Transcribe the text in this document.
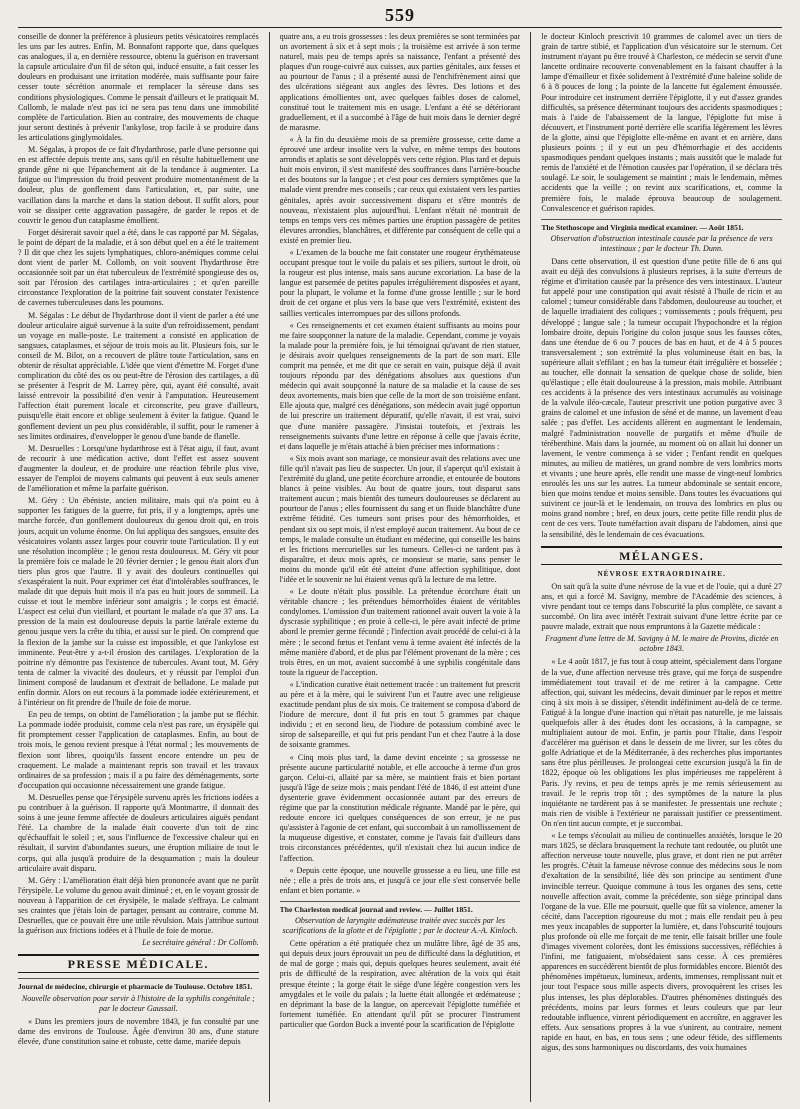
559

conseille de donner la préférence à plusieurs petits vésicatoires remplacés les uns par les autres. Enfin, M. Bonnafont rapporte que, dans quelques cas analogues, il a, en dernière ressource, obtenu la guérison en traversant la capsule articulaire d'un fil de séton qui, inducé ensuite, a fait cesser les douleurs en produisant une irritation modérée, mais suffisante pour faire cesser toute sécrétion anormale et remplacer la séreuse dans ses conditions physiologiques. Comme le pensait d'ailleurs et le pratiquait M. Collomb, le malade n'est pas ici ne sera pas tenu dans une immobilité complète de l'articulation. Bien au contraire, des mouvements de chaque jour seront destinés à prévenir l'ankylose, trop facile à se produire dans les articulations ginglymoïdales.

M. Ségalas, à propos de ce fait d'hydarthrose, parle d'une personne qui en est affectée depuis trente ans, sans qu'il en résulte habituellement une grande gêne ni que l'épanchement ait de la tendance à augmenter. La fatigue ou l'impression du froid peuvent produire momentanément de la douleur, plus de gonflement dans l'articulation, et, par suite, une vacillation dans la marche et dans la station debout. Il suffit alors, pour voir se dissiper cette aggravation passagère, de garder le repos et de couvrir le genou d'un cataplasme émollient.

Forget désirerait savoir quel a été, dans le cas rapporté par M. Ségalas, le point de départ de la maladie, et à son début quel en a été le traitement ? Il dit que chez les sujets lymphatiques, chloro-anémiques comme celui dont vient de parler M. Collomb, on voit souvent l'hydarthrose être occasionnée soit par un état tuberculeux de l'extrémité spongieuse des os, soit par l'érosion des cartilages intra-articulaires ; et qu'en pareille circonstance l'exploration de la poitrine fait souvent constater l'existence de cavernes tuberculeuses dans les poumons.

M. Ségalas : Le début de l'hydarthrose dont il vient de parler a été une douleur articulaire aiguë survenue à la suite d'un refroidissement, pendant un voyage en malle-poste. Le traitement a consisté en application de sangsues, cataplasmes, et séjour de trois mois au lit. Plusieurs fois, sur le conseil de M. Bilot, on a recouvert de plâtre toute l'articulation, sans en obtenir de résultat appréciable. L'idée que vient d'émettre M. Forget d'une complication du côté des os ou peut-être de l'érosion des cartilages, a dû se présenter à l'esprit de M. Larrey père, qui, ayant été consulté, avait laissé entrevoir la possibilité d'en venir à l'amputation. Heureusement l'affection était purement locale et circonscrite, peu grave d'ailleurs, puisqu'elle était encore et oblige seulement à éviter la fatigue. Quand le gonflement devient un peu plus considérable, il suffit, pour le ramener à ses limites ordinaires, d'envelopper le genou d'une bande de flanelle.

M. Desruelles : Lorsqu'une hydarthrose est à l'état aigu, il faut, avant de recourir à une médication active, dont l'effet est assez souvent d'augmenter la douleur, et de produire une réaction fébrile plus vive, essayer de l'emploi de moyens calmants qui peuvent à eux seuls amener de l'amélioration et même la parfaite guérison.

M. Géry : Un ébéniste, ancien militaire, mais qui n'a point eu à supporter les fatigues de la guerre, fut pris, il y a longtemps, après une marche forcée, d'un gonflement douloureux du genou droit qui, en trois jours, acquit un volume énorme. On lui appliqua des sangsues, ensuite des vésicatoires volants assez larges pour couvrir toute l'articulation. Il y eut une résolution incomplète ; le genou resta douloureux. M. Géry vit pour la première fois ce malade le 20 février dernier ; le genou était alors d'un tiers plus gros que l'autre. Il y avait des douleurs continuelles qui s'exaspéraient la nuit. Pour exprimer cet état d'intolérables souffrances, le malade dit que depuis huit mois il n'a pas eu huit jours de sommeil. La cuisse et tout le membre inférieur sont amaigris ; le corps est émacié. L'aspect est celui d'un vieillard, et pourtant le malade n'a que 37 ans. La pression de la main est douloureuse depuis la partie latérale externe du genou jusque vers la crête du tibia, et aussi sur le pied. On comprend que la flexion de la jambe sur la cuisse est impossible, et que l'ankylose est imminente. Peut-être y a-t-il érosion des cartilages. L'exploration de la poitrine n'y démontre pas l'existence de tubercules. Avant tout, M. Géry tenta de calmer la vivacité des douleurs, et y réussit par l'emploi d'un liniment composé de laudanum et d'extrait de belladone. Le malade put enfin dormir. Alors on eut recours à la pommade iodée extérieurement, et à l'intérieur on fit prendre de l'huile de foie de morue.

En peu de temps, on obtint de l'amélioration ; la jambe put se fléchir. La pommade iodée produisit, comme cela n'est pas rare, un érysipèle qui fit promptement cesser l'application de cataplasmes. Enfin, au bout de trois mois, le genou revient presque à l'état normal ; les mouvements de flexion sont libres, quoiqu'ils fassent encore entendre un peu de craquement. Le malade a maintenant repris son travail et les travaux ordinaires de sa profession ; mais il a pu faire des déménagements, sorte d'occupation qui occasionne nécessairement une grande fatigue.

M. Desruelles pense que l'érysipèle survenu après les frictions iodées a pu contribuer à la guérison. Il rapporte qu'à Montmartre, il donnait des soins à une jeune femme affectée de douleurs articulaires aiguës pendant l'été. La chambre de la malade était couverte d'un toit de zinc qu'échauffait le soleil ; et, sous l'influence de l'excessive chaleur qui en résultait, il survint d'abondantes sueurs, une éruption miliaire de tout le corps, qui alla jusqu'à produire de la desquamation ; mais la douleur articulaire avait disparu.

M. Géry : L'amélioration était déjà bien prononcée avant que ne parût l'érysipèle. Le volume du genou avait diminué ; et, en le voyant grossir de nouveau à l'apparition de cet érysipèle, le malade s'effraya. Le calmant ses craintes que j'étais loin de partager, pensant au contraire, comme M. Desruelles, que ce pouvait être une utile révulsion. Mais j'attribue surtout la guérison aux frictions iodées et à l'huile de foie de morue.

Le secrétaire général : Dr Collomb.
PRESSE MÉDICALE.

Journal de médecine, chirurgie et pharmacie de Toulouse. Octobre 1851.

Nouvelle observation pour servir à l'histoire de la syphilis congénitale ; par le docteur Gaussail.

« Dans les premiers jours de novembre 1843, je fus consulté par une dame des environs de Toulouse. Âgée d'environ 30 ans, d'une stature élevée, d'une constitution saine et robuste, cette dame, mariée depuis

quatre ans, a eu trois grossesses : les deux premières se sont terminées par un avortement à six et à sept mois ; la troisième est arrivée à son terme naturel, mais peu de temps après sa naissance, l'enfant a présenté des plaques d'un rouge-cuivré aux cuisses, aux parties génitales, aux fesses et au pourtour de l'anus ; il a présenté aussi de l'enchifrènement ainsi que des ulcérations siégeant aux angles des lèvres. Des lotions et des applications émollientes ont, avec quelques faibles doses de calomel, constitué tout le traitement mis en usage. L'enfant a été se détériorant graduellement, et il a succombé à l'âge de huit mois dans le dernier degré de marasme.

« À la fin du deuxième mois de sa première grossesse, cette dame a éprouvé une ardeur insolite vers la vulve, en même temps des boutons arrondis et aplatis se sont développés vers cette région. Plus tard et depuis huit mois environ, il s'est manifesté des souffrances dans l'arrière-bouche et des boutons sur la langue ; et c'est pour ces derniers symptômes que la malade vient prendre mes conseils ; car ceux qui existaient vers les parties génitales, après avoir successivement disparu et s'être montrés de nouveau, n'existaient plus aujourd'hui. L'enfant n'était né montrait de temps en temps vers ces mêmes parties une éruption passagère de petites élevures arrondies, blanchâtres, et différente par conséquent de celle qui a existé en premier lieu.

« L'examen de la bouche me fait constater une rougeur érythémateuse occupant presque tout le voile du palais et ses piliers, surtout le droit, où la rougeur est plus intense, mais sans aucune excoriation. La base de la langue est parsemée de petites papules irrégulièrement disposées et ayant, pour la plupart, le volume et la forme d'une grosse lentille ; sur le bord droit de cet organe et plus vers la base que vers l'extrémité, existent des saillies verticales interrompues par des sillons profonds.

« Ces renseignements et cet examen étaient suffisants au moins pour me faire soupçonner la nature de la maladie. Cependant, comme je voyais la malade pour la première fois, je lui témoignai qu'avant de rien statuer, je désirais avoir quelques renseignements de la part de son mari. Elle comprit ma pensée, et me dit que ce serait en vain, puisque déjà il avait toujours répondu par des dénégations absolues aux questions d'un médecin qui avait soupçonné la nature de sa maladie et la cause de ses deux avortements, mais bien que celle de la mort de son troisième enfant. Elle ajouta que, malgré ces dénégations, son médecin avait jugé opportun de lui prescrire un traitement dépuratif, qu'elle n'avait, il est vrai, suivi que d'une manière passagère. J'insistai toutefois, et j'extrais les renseignements suivants d'une lettre en réponse à celle que j'avais écrite, et dans laquelle je m'étais attaché à bien préciser mes informations :

« Six mois avant son mariage, ce monsieur avait des relations avec une fille qu'il n'avait pas lieu de suspecter. Un jour, il s'aperçut qu'il existait à l'extrémité du gland, une petite écorchure arrondie, et entourée de boutons blancs à peine visibles. Au bout de quatre jours, tout disparut sans traitement aucun ; mais bientôt des tumeurs douloureuses se déclarent au pourtour de l'anus ; elles fournissent du sang et un fluide blanchâtre d'une extrême fétidité. Ces tumeurs sont prises pour des hémorrhoïdes, et pendant six ou sept mois, il n'est employé aucun traitement. Au bout de ce temps, le malade consulte un étudiant en médecine, qui conseille les bains et les frictions mercurielles sur les tumeurs. Celles-ci ne tardent pas à disparaître, et deux mois après, ce monsieur se marie, sans penser le moins du monde qu'il eût été atteint d'une affection syphilitique, dont l'idée et le souvenir ne lui étaient venus qu'à la lecture de ma lettre.

« Le doute n'était plus possible. La prétendue écorchure était un véritable chancre ; les prétendues hémorrhoïdes étaient de véritables condylomes. L'omission d'un traitement rationnel avait ouvert la voie à la dyscrasie syphilitique ; en proie à celle-ci, le père avait infecté de prime abord le premier germe fécondé ; l'infection avait procédé de celui-ci à la mère ; le second fœtus et l'enfant venu à terme avaient été infectés de la même manière d'abord, et de plus par l'élément provenant de la mère ; ces trois êtres, en un mot, avaient succombé à une syphilis congénitale dans toute la rigueur de l'acception.

« L'indication curative était nettement tracée : un traitement fut prescrit au père et à la mère, qui le suivirent l'un et l'autre avec une religieuse exactitude pendant plus de six mois. Ce traitement se composa d'abord de l'iodure de mercure, dont il fut pris en tout 5 grammes par chaque individu ; et en second lieu, de l'iodure de potassium combiné avec le sirop de salsepareille, et qui fut pris pendant l'un et chez l'autre à la dose de soixante grammes.

« Cinq mois plus tard, la dame devint enceinte ; sa grossesse ne présente aucune particularité notable, et elle accouche à terme d'un gros garçon. Celui-ci, allaité par sa mère, se maintient frais et bien portant jusqu'à l'âge de seize mois ; mais pendant l'été de 1846, il est atteint d'une dysenterie grave évidemment occasionnée autant par des erreurs de régime que par la constitution médicale régnante. Mandé par le père, qui redoute encore ici quelques conséquences de son erreur, je ne pus qu'assister à l'agonie de cet enfant, qui succombait à un ramollissement de la muqueuse digestive, et constater, comme je l'avais fait d'ailleurs dans trois circonstances précédentes, qu'il n'existait chez lui aucun indice de l'affection.

« Depuis cette époque, une nouvelle grossesse a eu lieu, une fille est née ; elle a près de trois ans, et jusqu'à ce jour elle s'est conservée belle enfant et bien portante. »

The Charleston medical journal and review. — Juillet 1851.

Observation de laryngite œdémateuse traitée avec succès par les scarifications de la glotte et de l'épiglotte ; par le docteur A.-A. Kinloch.

Cette opération a été pratiquée chez un mulâtre libre, âgé de 35 ans, qui depuis deux jours éprouvait un peu de difficulté dans la déglutition, et de mal de gorge ; mais qui, depuis quelques heures seulement, avait été pris de difficulté de la respiration, avec altération de la voix qui était presque éteinte ; la gorge était le siège d'une légère congestion vers les amygdales et le voile du palais ; la luette était allongée et œdémateuse ; en déprimant la base de la langue, on apercevait l'épiglotte tuméfiée et fortement tuméfiée. En attendant qu'il pût se procurer l'instrument particulier que Gordon Buck a inventé pour la scarification de l'épiglotte

le docteur Kinloch prescrivit 10 grammes de calomel avec un tiers de grain de tartre stibié, et l'application d'un vésicatoire sur le sternum. Cet instrument n'ayant pu être trouvé à Charleston, ce médecin se servit d'une lancette ordinaire recouverte convenablement en la faisant chauffer à la lampe d'émailleur et fixée solidement à l'extrémité d'une baleine solide de 6 à 8 pouces de long ; la pointe de la lancette fut également émoussée. Pour introduire cet instrument derrière l'épiglotte, il y eut d'assez grandes difficultés, sa présence déterminant toujours des accidents spasmodiques ; mais à l'aide de l'abaissement de la langue, l'épiglotte fut mise à découvert, et l'instrument porté derrière elle scarifia légèrement les lèvres de la glotte, ainsi que l'épiglotte elle-même en avant et en arrière, dans plusieurs points ; il y eut un peu d'hémorrhagie et des accidents spasmodiques pendant quelques instants ; mais aussitôt que le malade fut remis de l'anxiété et de l'émotion causées par l'opération, il se déclara très soulagé. Le soir, le soulagement se maintint ; mais le lendemain, mêmes accidents que la veille ; on revint aux scarifications, et, comme la première fois, le malade éprouva beaucoup de soulagement. Convalescence et guérison rapides.

The Stethoscope and Virginia medical examiner. — Août 1851.

Observation d'obstruction intestinale causée par la présence de vers intestinaux ; par le docteur Th. Dunn.

Dans cette observation, il est question d'une petite fille de 6 ans qui avait eu déjà des convulsions à plusieurs reprises, à la suite d'erreurs de régime et d'irritation causée par la présence des vers intestinaux. L'auteur fut appelé pour une constipation qui avait résisté à l'huile de ricin et au calomel ; tumeur considérable dans l'abdomen, douloureuse au toucher, et de laquelle irradiaient des coliques ; vomissements ; pouls fréquent, peu développé ; langue sale ; la tumeur occupait l'hypochondre et la région lombaire droite, depuis l'origine du colon jusque sous les fausses côtes, dans une étendue de 6 ou 7 pouces de bas en haut, et de 4 à 5 pouces transversalement ; son extrémité la plus volumineuse était en bas, la supérieure allait s'effilant ; en bas la tumeur était irrégulière et bosselée ; au toucher, elle donnait la sensation de quelque chose de solide, bien qu'élastique ; elle était douloureuse à la pression, mais mobile. Attribuant ces accidents à la présence des vers intestinaux accumulés au voisinage de la valvule iléo-cæcale, l'auteur prescrivit une potion purgative avec 3 grains de calomel et une infusion de séné et de manne, un lavement d'eau salée ; pas d'effet. Les accidents allèrent en augmentant le lendemain, malgré l'administration nouvelle de purgatifs et même d'huile de térébenthine. Mais dans la journée, au moment où on allait lui donner un lavement, le ventre commença à se vider ; l'enfant rendit en quelques minutes, au milieu de matières, un grand nombre de vers lombrics morts et vivants ; une heure après, elle rendit une masse de vingt-neuf lombrics enroulés les uns sur les autres. La tumeur abdominale se sentait encore, bien que moins tendue et moins sensible. Dans toutes les évacuations qui suivirent ce jour-là et le lendemain, on trouva des lombrics en plus ou moins grand nombre ; bref, en deux jours, cette petite fille rendit plus de cent de ces vers. Toute tuméfaction avait disparu de l'abdomen, ainsi que la sensibilité, dès le lendemain de ces évacuations.

MÉLANGES.
NÉVROSE EXTRAORDINAIRE.

On sait qu'à la suite d'une névrose de la vue et de l'ouïe, qui a duré 27 ans, et qui a forcé M. Savigny, membre de l'Académie des sciences, à vivre pendant tout ce temps dans l'obscurité la plus complète, ce savant a succombé. On lira avec intérêt l'extrait suivant d'une lettre écrite par ce pauvre malade, extrait que nous empruntons à la Gazette médicale :

Fragment d'une lettre de M. Savigny à M. le maire de Provins, dictée en octobre 1843.

« Le 4 août 1817, je fus tout à coup atteint, spécialement dans l'organe de la vue, d'une affection nerveuse très grave, qui me força de suspendre immédiatement tout travail et de me retirer à la campagne. Cette affection, qui, suivant les médecins, devait diminuer par le repos et mettre cinq à six mois à se dissiper, s'étendit indéfiniment au-delà de ce terme. Fatigué à la longue d'une inaction qui n'était pas naturelle, je me laissais quelquefois aller à des études dont les occasions, à la campagne, se multipliaient autour de moi. Enfin, je partis pour l'Italie, dans l'espoir d'accélérer ma guérison et dans le dessein de me livrer, sur les côtes du golfe Adriatique et de la Méditerranée, à des recherches plus importantes sans être plus périlleuses. Je prolongeai cette excursion jusqu'à la fin de 1822, époque où les obligations les plus impérieuses me rappelèrent à Paris. J'y revins, et peu de temps après je me remis sérieusement au travail. Je le repris trop tôt ; des symptômes de la nature la plus inquiétante ne tardèrent pas à se manifester. Je pressentais une rechute ; mais rien de visible à l'extérieur ne paraissait justifier ce pressentiment. On n'en tint aucun compte, et je succombai.

« Le temps s'écoulait au milieu de continuelles anxiétés, lorsque le 20 mars 1825, se déclara brusquement la rechute tant redoutée, ou plutôt une affection nerveuse toute nouvelle, plus grave, et dont rien ne put arrêter les progrès. C'était la fameuse névrose connue des médecins sous le nom d'exaltation de la sensibilité, liée dès son principe au sentiment d'une invincible terreur. Quoique commune à tous les organes des sens, cette nouvelle affection avait, comme la précédente, son siège principal dans l'organe de la vue. Elle me poursuit, quelle que fût sa violence, amener la cécité, dans l'acception rigoureuse du mot ; mais elle rendait peu à peu mes yeux incapables de supporter la lumière, et, dans l'obscurité toujours plus profonde où elle me forçait de me tenir, elle faisait briller une foule d'images vivement colorées, dont les émissions successives, réfléchies à l'infini, me fatiguaient, m'obsédaient sans cesse. À ces premières apparences en succédèrent bientôt de plus formidables encore. Bientôt des phénomènes impétueux, lumineux, ardents, immenses, remplissant nuit et jour tout l'espace sous mille aspects divers, provoquèrent les crises les plus intenses, les plus déplorables. D'autres phénomènes distingués des précédents, moins par leurs formes et leurs couleurs que par leur redoutable influence, vinrent périodiquement en accroître, en aggraver les effets. Aux sensations propres à la vue s'unirent, au contraire, nement rapide en haut, en bas, en tous sens ; une odeur fétide, des sifflements aigus, des sons harmoniques ou discordants, des voix humaines
